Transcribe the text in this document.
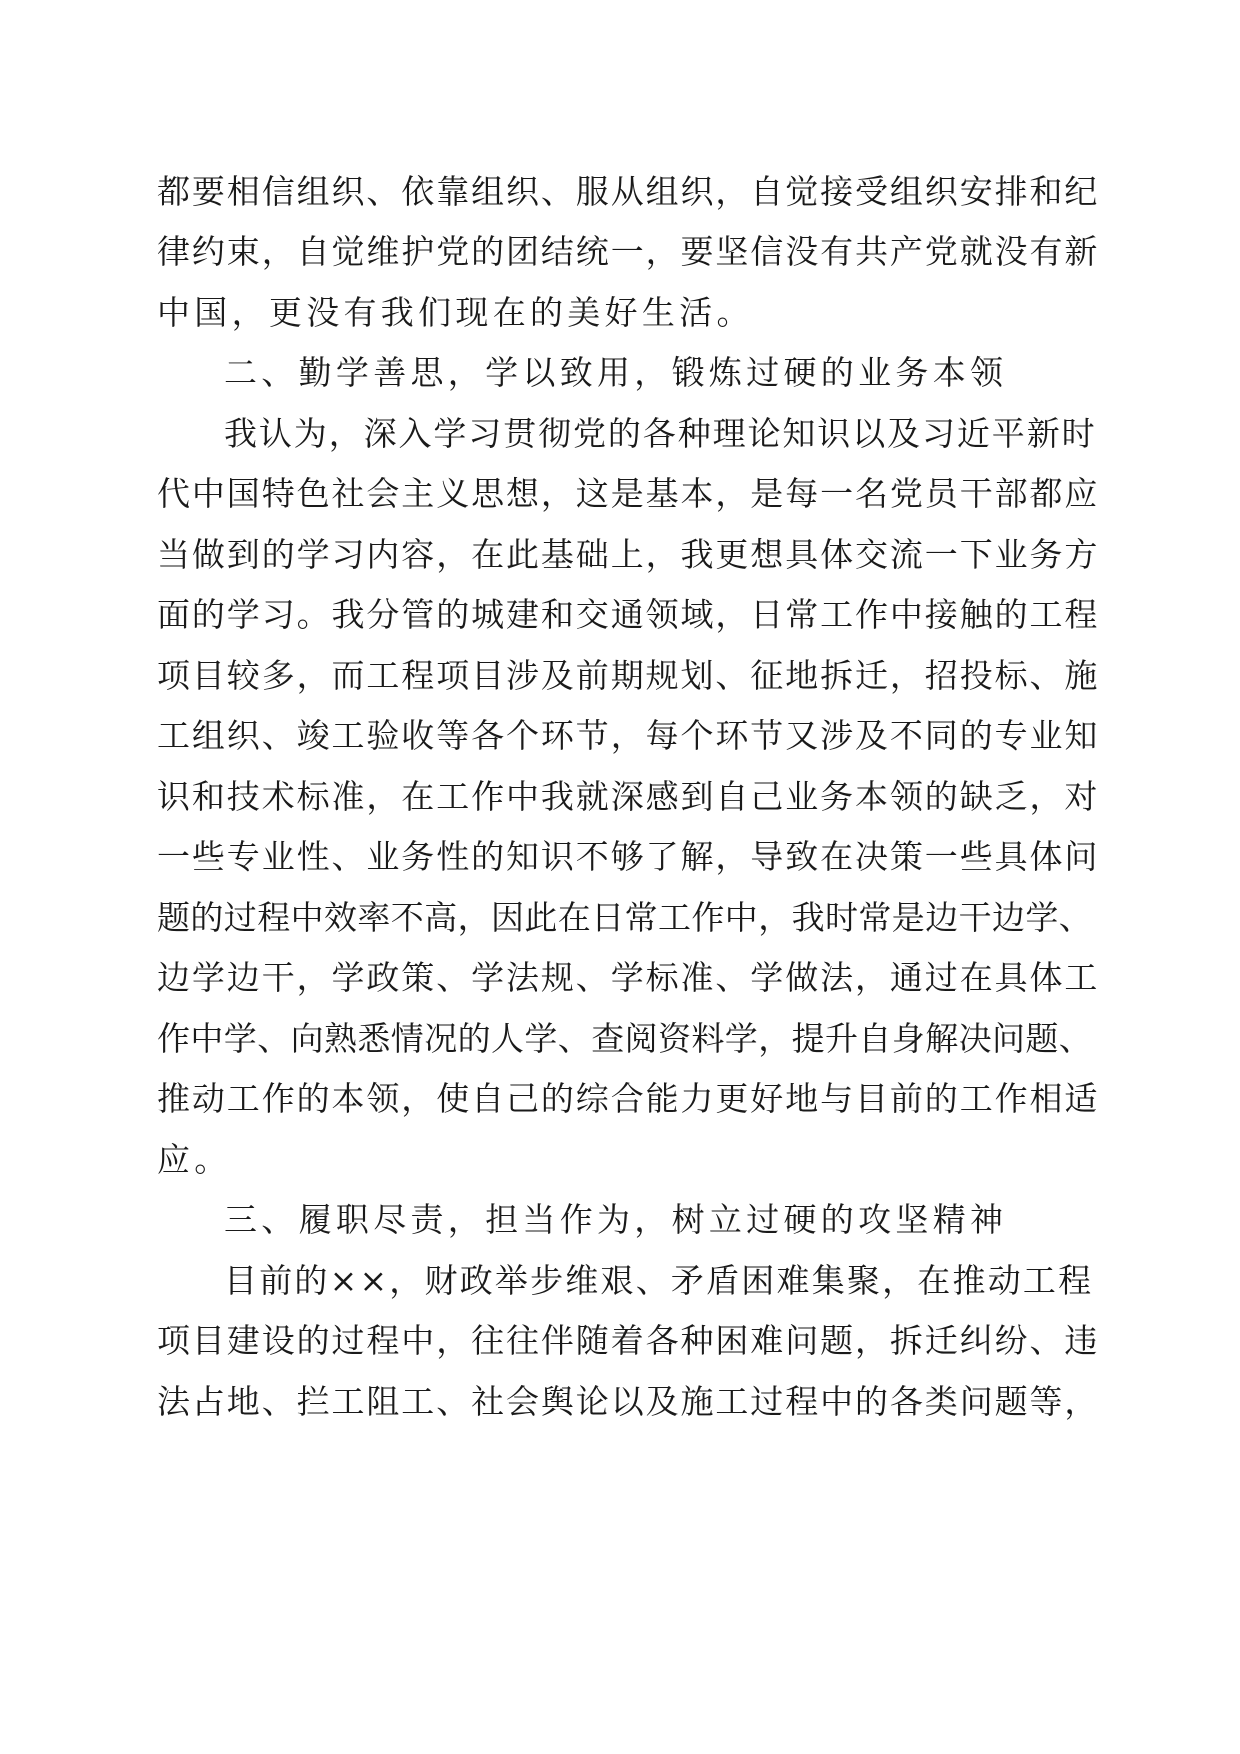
都要相信组织、依靠组织、服从组织，自觉接受组织安排和纪

律约束，自觉维护党的团结统一，要坚信没有共产党就没有新

中国，更没有我们现在的美好生活。

二、勤学善思，学以致用，锻炼过硬的业务本领

我认为，深入学习贯彻党的各种理论知识以及习近平新时

代中国特色社会主义思想，这是基本，是每一名党员干部都应

当做到的学习内容，在此基础上，我更想具体交流一下业务方

面的学习。我分管的城建和交通领域，日常工作中接触的工程

项目较多，而工程项目涉及前期规划、征地拆迁，招投标、施

工组织、竣工验收等各个环节，每个环节又涉及不同的专业知

识和技术标准，在工作中我就深感到自己业务本领的缺乏，对

一些专业性、业务性的知识不够了解，导致在决策一些具体问

题的过程中效率不高，因此在日常工作中，我时常是边干边学、

边学边干，学政策、学法规、学标准、学做法，通过在具体工

作中学、向熟悉情况的人学、查阅资料学，提升自身解决问题、

推动工作的本领，使自己的综合能力更好地与目前的工作相适

应。

三、履职尽责，担当作为，树立过硬的攻坚精神

目前的××，财政举步维艰、矛盾困难集聚，在推动工程

项目建设的过程中，往往伴随着各种困难问题，拆迁纠纷、违

法占地、拦工阻工、社会舆论以及施工过程中的各类问题等，
